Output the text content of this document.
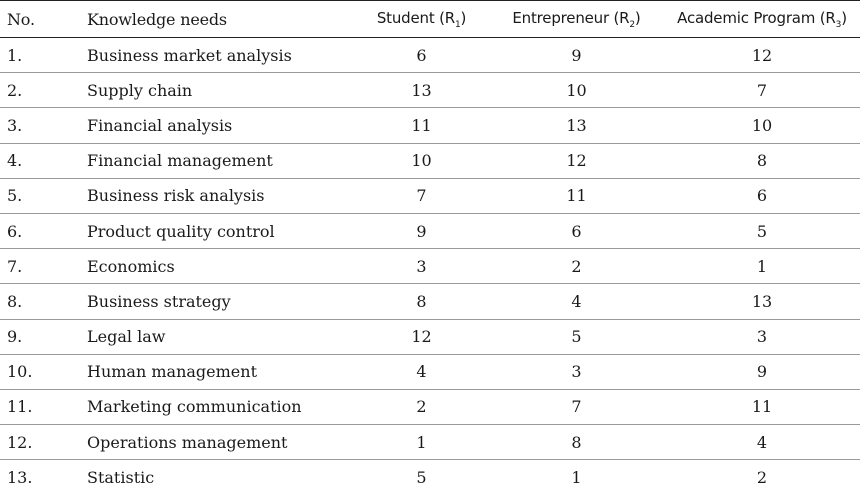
No.	Knowledge needs	Student $(R_1)$	Entrepreneur $(R_2)$	Academic Program $(R_3)$
1.	Business market analysis	6	9	12
2.	Supply chain	13	10	7
3.	Financial analysis	11	13	10
4.	Financial management	10	12	8
5.	Business risk analysis	7	11	6
6.	Product quality control	9	6	5
7.	Economics	3	2	1
8.	Business strategy	8	4	13
9.	Legal law	12	5	3
10.	Human management	4	3	9
11.	Marketing communication	2	7	11
12.	Operations management	1	8	4
13.	Statistic	5	1	2
